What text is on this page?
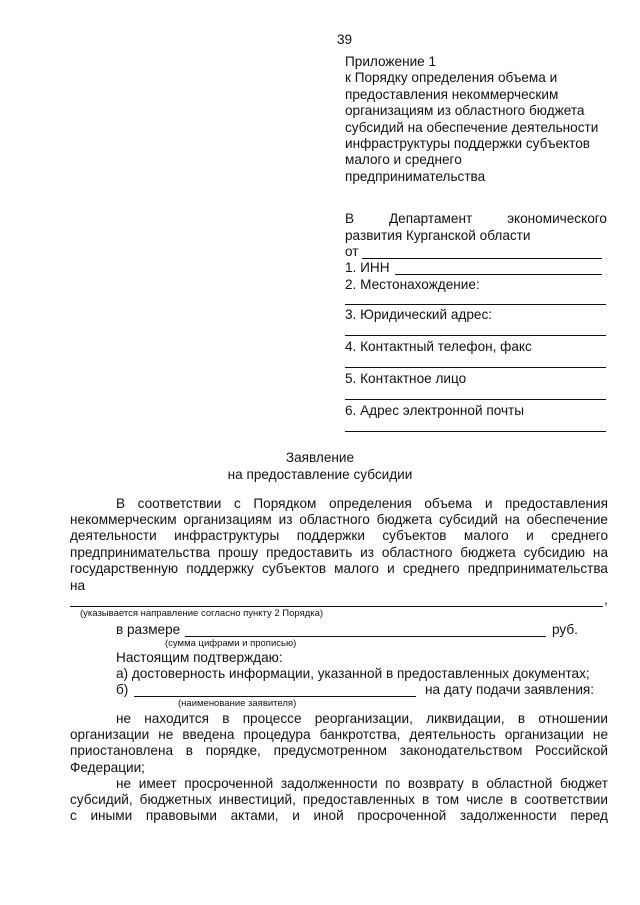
39
Приложение 1
к Порядку определения объема и
предоставления некоммерческим
организациям из областного бюджета
субсидий на обеспечение деятельности
инфраструктуры поддержки субъектов
малого и среднего
предпринимательства
В	Департамент	экономического
развития Курганской области
от
1. ИНН
2. Местонахождение:
3. Юридический адрес:
4. Контактный телефон, факс
5. Контактное лицо
6. Адрес электронной почты
Заявление
на предоставление субсидии
В соответствии с Порядком определения объема и предоставления
некоммерческим организациям из областного бюджета субсидий на обеспечение
деятельности инфраструктуры поддержки субъектов малого и среднего
предпринимательства прошу предоставить из областного бюджета субсидию на
государственную поддержку субъектов малого и среднего предпринимательства
на
,
(указывается направление согласно пункту 2 Порядка)
в размере	руб.
(сумма цифрами и прописью)
Настоящим подтверждаю:
а) достоверность информации, указанной в предоставленных документах;
б)	на дату подачи заявления:
(наименование заявителя)
не находится в процессе реорганизации, ликвидации, в отношении
организации не введена процедура банкротства, деятельность организации не
приостановлена в порядке, предусмотренном законодательством Российской
Федерации;
не имеет просроченной задолженности по возврату в областной бюджет
субсидий, бюджетных инвестиций, предоставленных в том числе в соответствии
с иными правовыми актами, и иной просроченной задолженности перед
